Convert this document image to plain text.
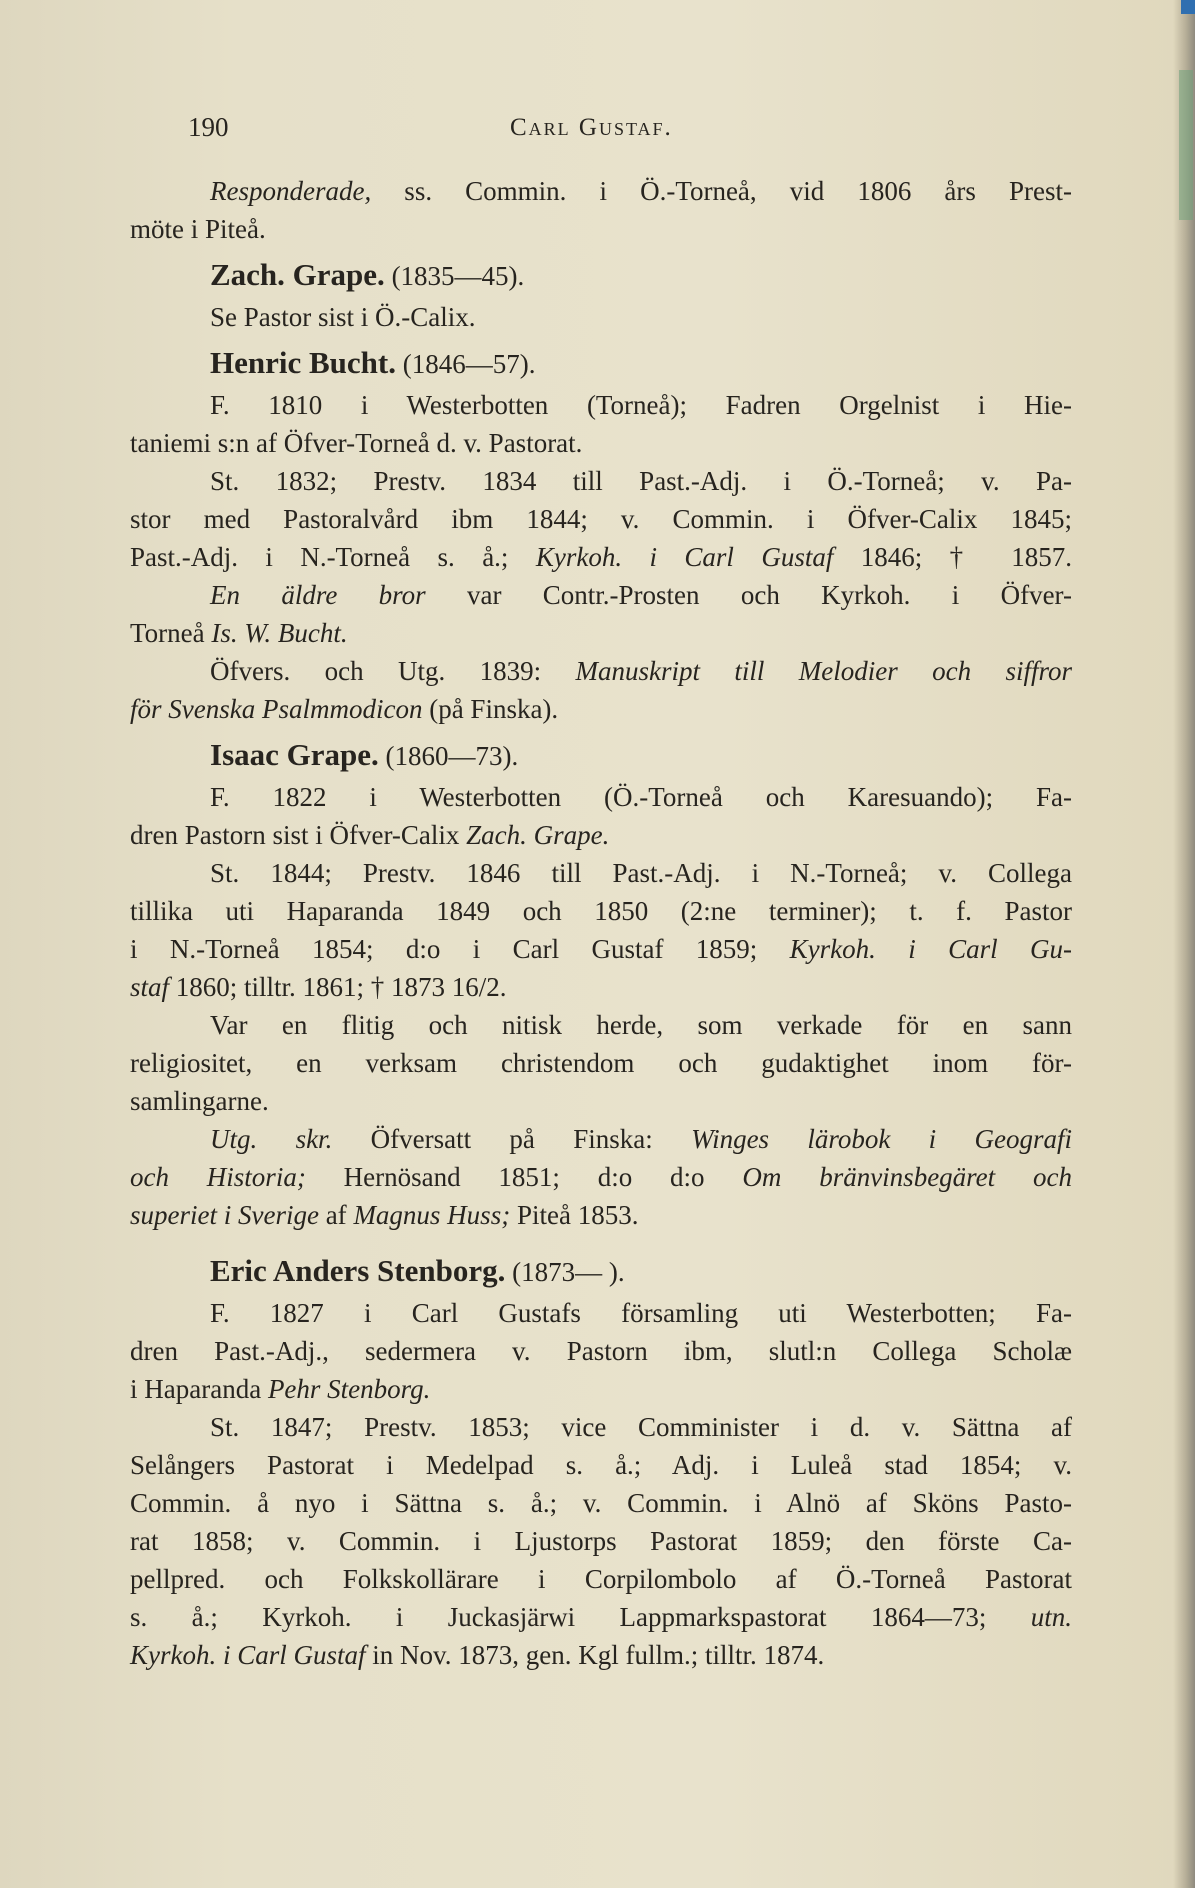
190	Carl Gustaf.
Responderade, ss. Commin. i Ö.-Torneå, vid 1806 års Prest-
möte i Piteå.
Zach. Grape. (1835—45).
Se Pastor sist i Ö.-Calix.
Henric Bucht. (1846—57).
F. 1810 i Westerbotten (Torneå); Fadren Orgelnist i Hie-
taniemi s:n af Öfver-Torneå d. v. Pastorat.
St. 1832; Prestv. 1834 till Past.-Adj. i Ö.-Torneå; v. Pa-
stor med Pastoralvård ibm 1844; v. Commin. i Öfver-Calix 1845;
Past.-Adj. i N.-Torneå s. å.; Kyrkoh. i Carl Gustaf 1846; † 1857.
En äldre bror var Contr.-Prosten och Kyrkoh. i Öfver-
Torneå Is. W. Bucht.
Öfvers. och Utg. 1839: Manuskript till Melodier och siffror
för Svenska Psalmmodicon (på Finska).
Isaac Grape. (1860—73).
F. 1822 i Westerbotten (Ö.-Torneå och Karesuando); Fa-
dren Pastorn sist i Öfver-Calix Zach. Grape.
St. 1844; Prestv. 1846 till Past.-Adj. i N.-Torneå; v. Collega
tillika uti Haparanda 1849 och 1850 (2:ne terminer); t. f. Pastor
i N.-Torneå 1854; d:o i Carl Gustaf 1859; Kyrkoh. i Carl Gu-
staf 1860; tilltr. 1861; † 1873 16/2.
Var en flitig och nitisk herde, som verkade för en sann
religiositet, en verksam christendom och gudaktighet inom för-
samlingarne.
Utg. skr. Öfversatt på Finska: Winges lärobok i Geografi
och Historia; Hernösand 1851; d:o d:o Om bränvinsbegäret och
superiet i Sverige af Magnus Huss; Piteå 1853.
Eric Anders Stenborg. (1873— ).
F. 1827 i Carl Gustafs församling uti Westerbotten; Fa-
dren Past.-Adj., sedermera v. Pastorn ibm, slutl:n Collega Scholæ
i Haparanda Pehr Stenborg.
St. 1847; Prestv. 1853; vice Comminister i d. v. Sättna af
Selångers Pastorat i Medelpad s. å.; Adj. i Luleå stad 1854; v.
Commin. å nyo i Sättna s. å.; v. Commin. i Alnö af Sköns Pasto-
rat 1858; v. Commin. i Ljustorps Pastorat 1859; den förste Ca-
pellpred. och Folkskollärare i Corpilombolo af Ö.-Torneå Pastorat
s. å.; Kyrkoh. i Juckasjärwi Lappmarkspastorat 1864—73; utn.
Kyrkoh. i Carl Gustaf in Nov. 1873, gen. Kgl fullm.; tilltr. 1874.
